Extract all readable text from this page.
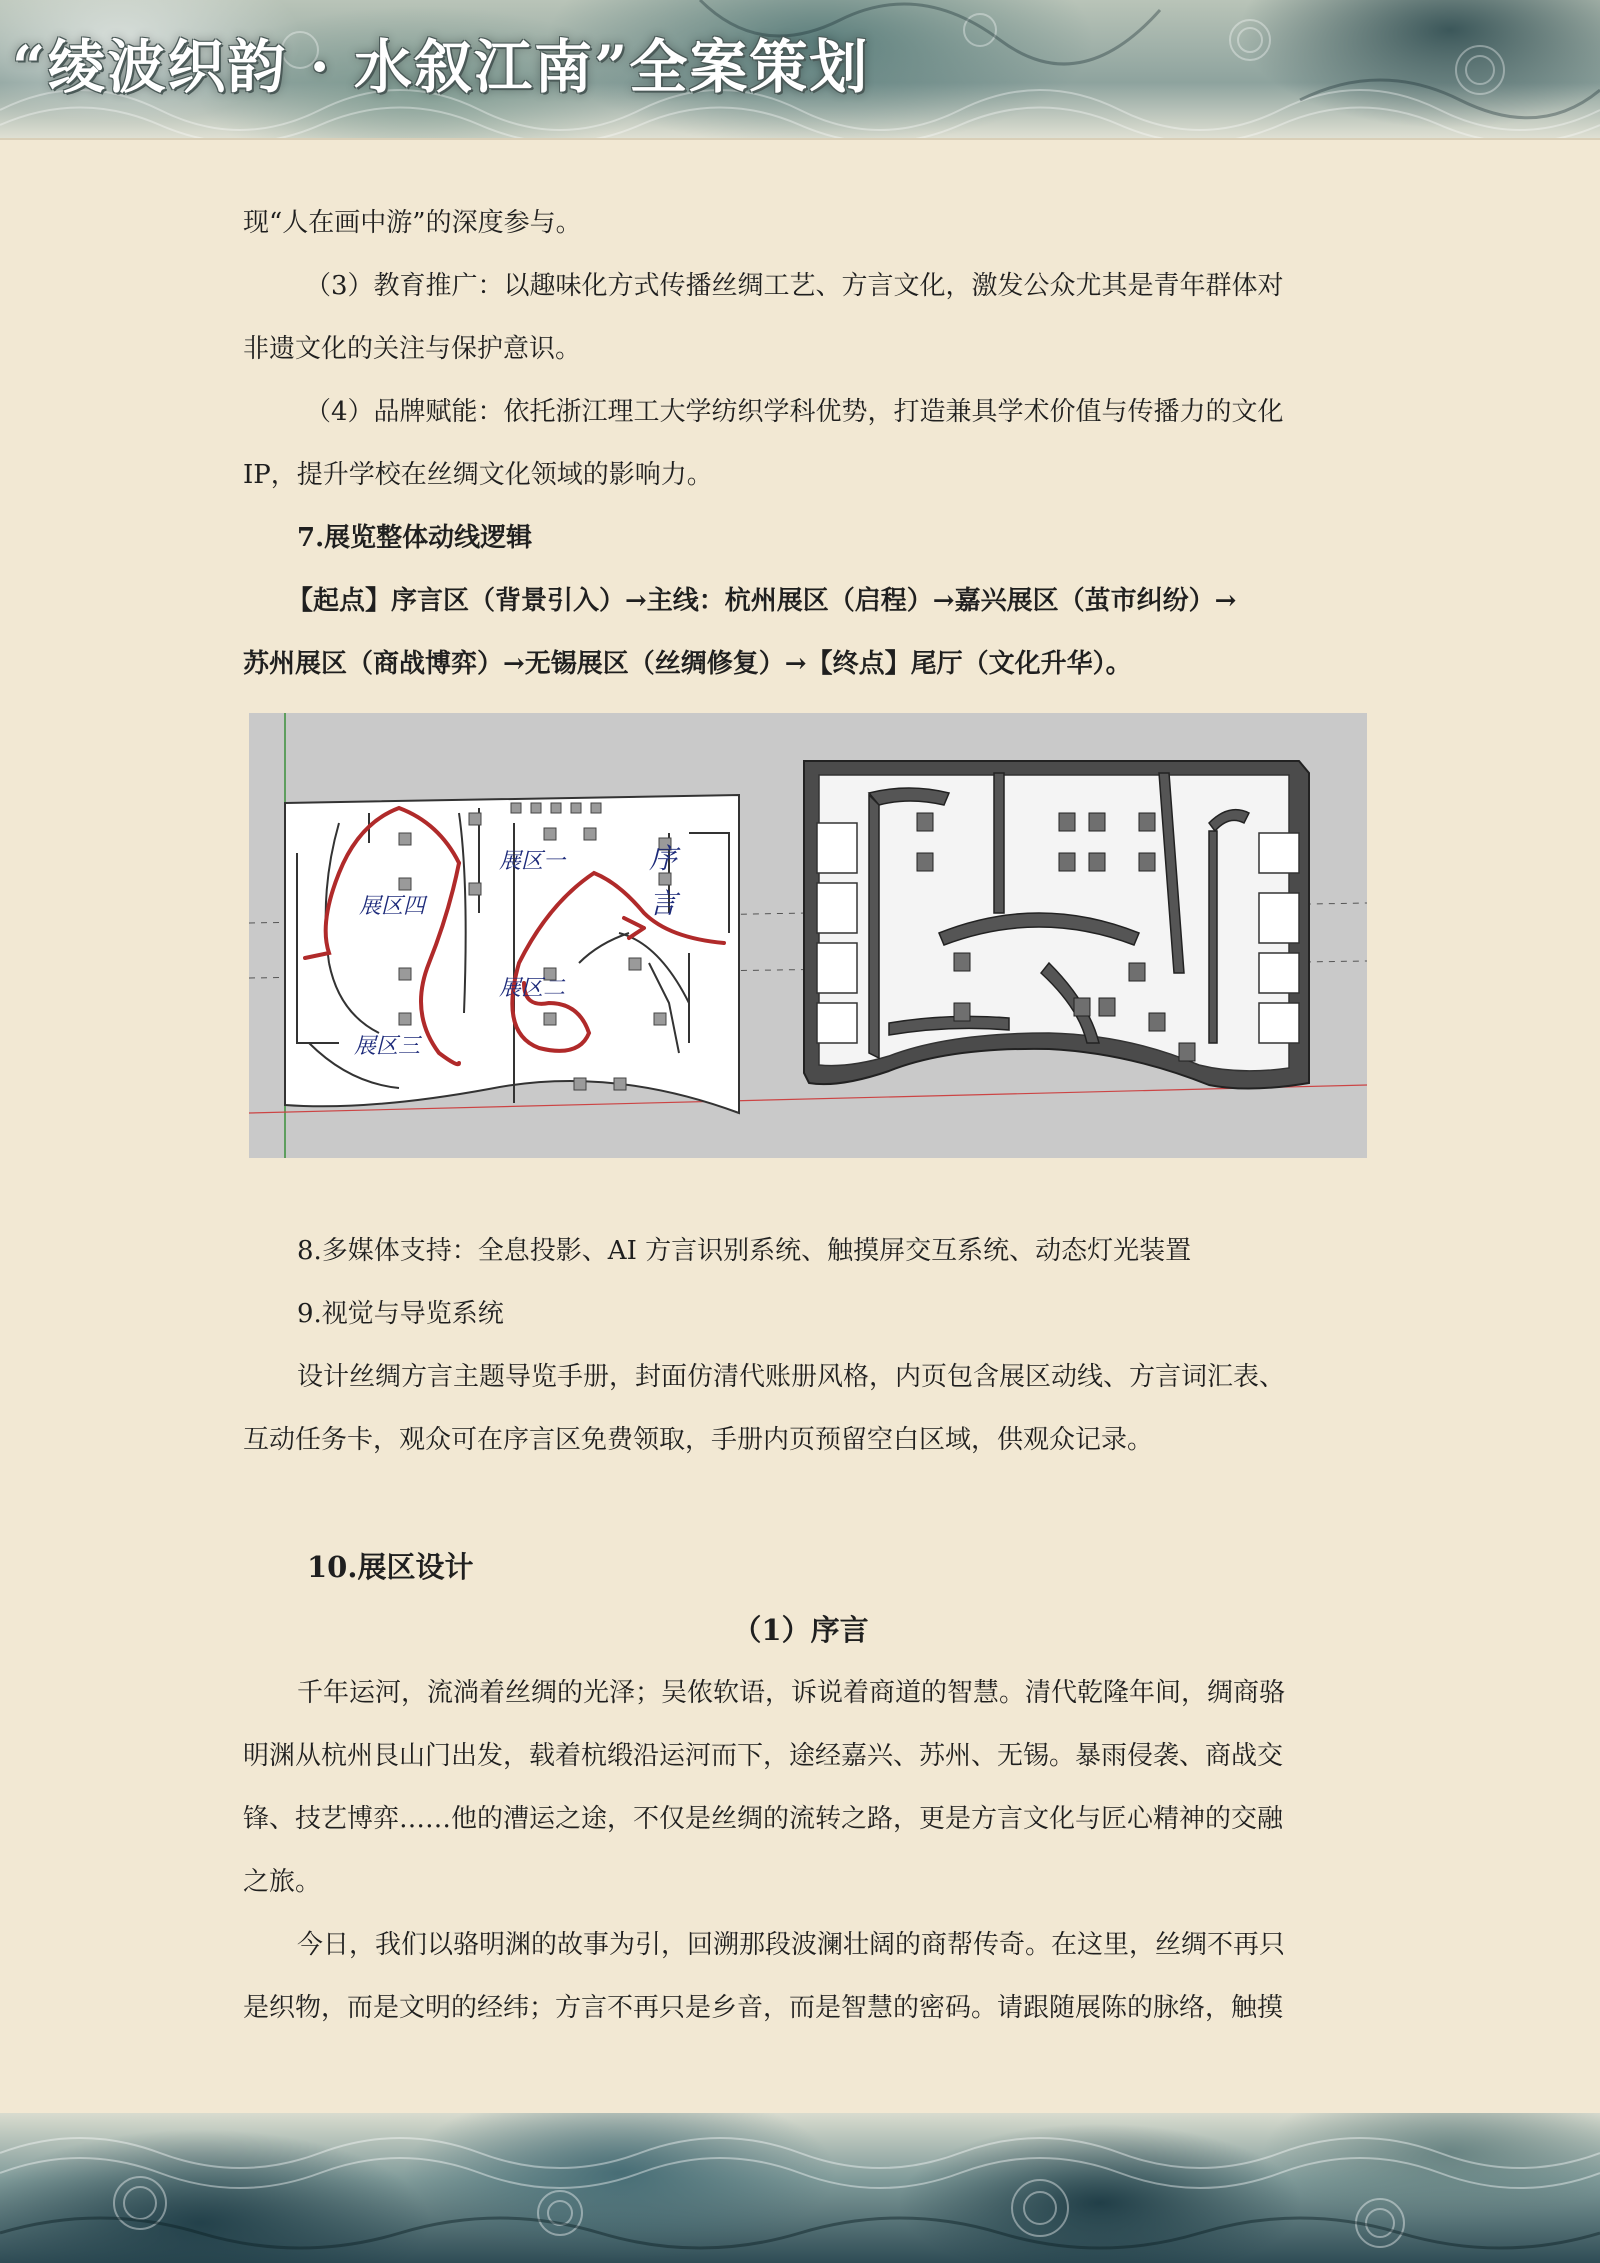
“绫波织韵 · 水叙江南”全案策划
现“人在画中游”的深度参与。
（3）教育推广：以趣味化方式传播丝绸工艺、方言文化，激发公众尤其是青年群体对
非遗文化的关注与保护意识。
（4）品牌赋能：依托浙江理工大学纺织学科优势，打造兼具学术价值与传播力的文化
IP，提升学校在丝绸文化领域的影响力。
7.展览整体动线逻辑
【起点】序言区（背景引入）→主线：杭州展区（启程）→嘉兴展区（茧市纠纷）→
苏州展区（商战博弈）→无锡展区（丝绸修复）→【终点】尾厅（文化升华）。
展区一
展区二
展区三
展区四
序
言
8.多媒体支持：全息投影、AI 方言识别系统、触摸屏交互系统、动态灯光装置
9.视觉与导览系统
设计丝绸方言主题导览手册，封面仿清代账册风格，内页包含展区动线、方言词汇表、
互动任务卡，观众可在序言区免费领取，手册内页预留空白区域，供观众记录。
10.展区设计
（1）序言
千年运河，流淌着丝绸的光泽；吴侬软语，诉说着商道的智慧。清代乾隆年间，绸商骆
明渊从杭州艮山门出发，载着杭缎沿运河而下，途经嘉兴、苏州、无锡。暴雨侵袭、商战交
锋、技艺博弈……他的漕运之途，不仅是丝绸的流转之路，更是方言文化与匠心精神的交融
之旅。
今日，我们以骆明渊的故事为引，回溯那段波澜壮阔的商帮传奇。在这里，丝绸不再只
是织物，而是文明的经纬；方言不再只是乡音，而是智慧的密码。请跟随展陈的脉络，触摸
